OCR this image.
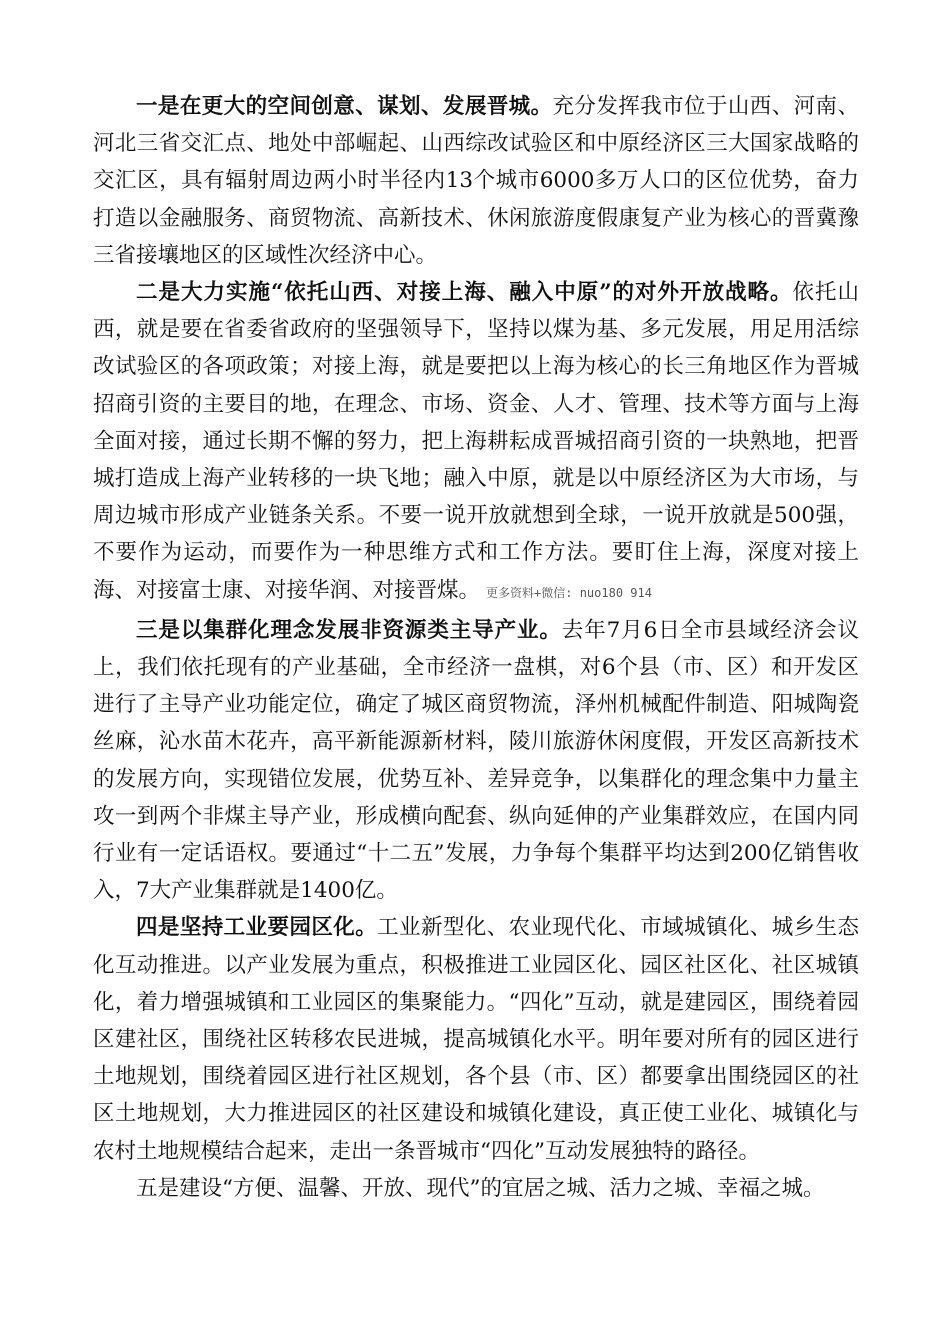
一是在更大的空间创意、谋划、发展晋城。充分发挥我市位于山西、河南、河北三省交汇点、地处中部崛起、山西综改试验区和中原经济区三大国家战略的交汇区，具有辐射周边两小时半径内13个城市6000多万人口的区位优势，奋力打造以金融服务、商贸物流、高新技术、休闲旅游度假康复产业为核心的晋冀豫三省接壤地区的区域性次经济中心。

二是大力实施“依托山西、对接上海、融入中原”的对外开放战略。依托山西，就是要在省委省政府的坚强领导下，坚持以煤为基、多元发展，用足用活综改试验区的各项政策；对接上海，就是要把以上海为核心的长三角地区作为晋城招商引资的主要目的地，在理念、市场、资金、人才、管理、技术等方面与上海全面对接，通过长期不懈的努力，把上海耕耘成晋城招商引资的一块熟地，把晋城打造成上海产业转移的一块飞地；融入中原，就是以中原经济区为大市场，与周边城市形成产业链条关系。不要一说开放就想到全球，一说开放就是500强，不要作为运动，而要作为一种思维方式和工作方法。要盯住上海，深度对接上海、对接富士康、对接华润、对接晋煤。 更多资料+微信: nuo180 914

三是以集群化理念发展非资源类主导产业。去年7月6日全市县域经济会议上，我们依托现有的产业基础，全市经济一盘棋，对6个县（市、区）和开发区进行了主导产业功能定位，确定了城区商贸物流，泽州机械配件制造、阳城陶瓷丝麻，沁水苗木花卉，高平新能源新材料，陵川旅游休闲度假，开发区高新技术的发展方向，实现错位发展，优势互补、差异竞争，以集群化的理念集中力量主攻一到两个非煤主导产业，形成横向配套、纵向延伸的产业集群效应，在国内同行业有一定话语权。要通过“十二五”发展，力争每个集群平均达到200亿销售收入，7大产业集群就是1400亿。

四是坚持工业要园区化。工业新型化、农业现代化、市域城镇化、城乡生态化互动推进。以产业发展为重点，积极推进工业园区化、园区社区化、社区城镇化，着力增强城镇和工业园区的集聚能力。“四化”互动，就是建园区，围绕着园区建社区，围绕社区转移农民进城，提高城镇化水平。明年要对所有的园区进行土地规划，围绕着园区进行社区规划，各个县（市、区）都要拿出围绕园区的社区土地规划，大力推进园区的社区建设和城镇化建设，真正使工业化、城镇化与农村土地规模结合起来，走出一条晋城市“四化”互动发展独特的路径。

五是建设“方便、温馨、开放、现代”的宜居之城、活力之城、幸福之城。
